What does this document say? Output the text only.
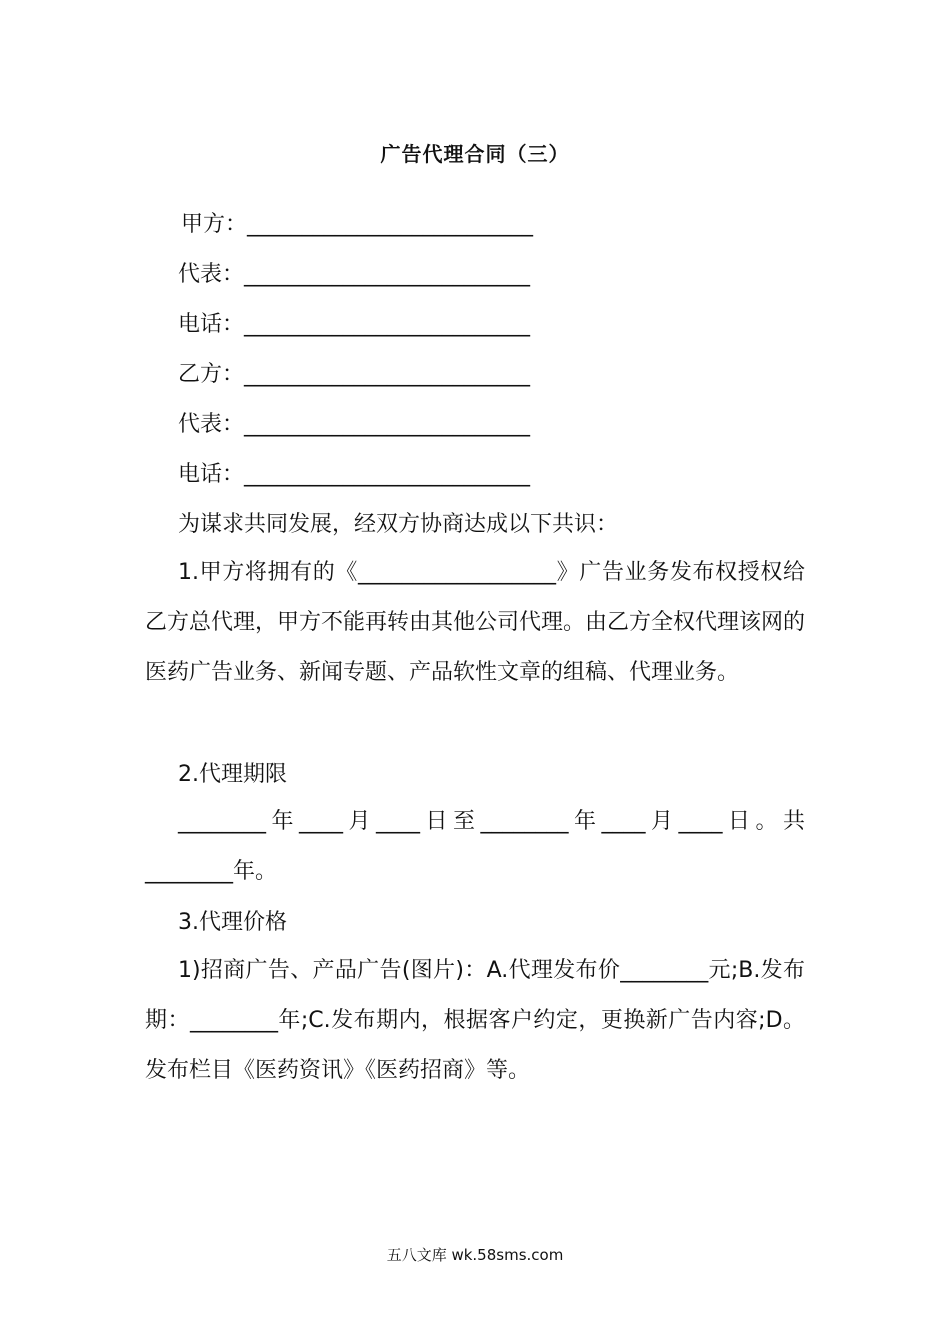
广告代理合同（三）
甲方：__________________________
代表：__________________________
电话：__________________________
乙方：__________________________
代表：__________________________
电话：__________________________
为谋求共同发展，经双方协商达成以下共识：
1.甲方将拥有的《__________________》广告业务发布权授权给乙方总代理，甲方不能再转由其他公司代理。由乙方全权代理该网的医药广告业务、新闻专题、产品软性文章的组稿、代理业务。
2.代理期限
________年____月____日至________年____月____日。共________年。
3.代理价格
1)招商广告、产品广告(图片)：A.代理发布价________元;B.发布期：________年;C.发布期内，根据客户约定，更换新广告内容;D。发布栏目《医药资讯》《医药招商》等。
五八文库 wk.58sms.com
